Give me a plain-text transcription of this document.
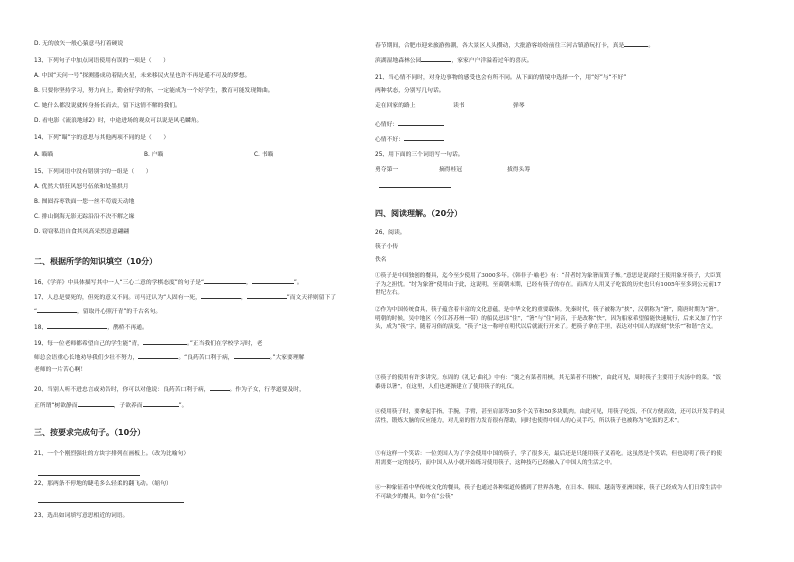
D. 无的放矢一般心猿意马打着硬说
13、下列句子中加点词语使用有误的一项是（　　）
A. 中国“天问一号”探测器成功着陆火星，未来移民火星也许不再是遥不可及的梦想。
B. 只要你坚持学习，努力向上，勤奋好学的你，一定能成为一个好学生，教育可能发现舞曲。
C. 她什么都没说就转身扬长而去，留下这情不解的我们。
D. 看电影《流浪地球2》时，中途进场的观众可以说是风毛麟角。
14、下列“瞄”字的意思与其他两项不同的是（　　）
A. 瞄瞄	B. 户瞄	C. 书瞄
15、下列词语中没有错别字的一组是（　　）
A. 优然大悟狂风怒号伍依和处墨拱月
B. 囫囵吞枣铁面一您一丝不苟震天动地
C. 排山倒海无影无踪沿沿不决不解之缘
D. 窃窃私语自食其凤高采烈意意翩翩
二、根据所学的知识填空（10分）
16、《学弈》中具体描写其中一人“三心二意的学棋态度”的句子是“	，	”。
17、人总是要死的，但死的意义不同。司马迁认为“人固有一死，	，	”而文天祥则留下了
“	，留取丹心照汗青”的千古名句。
18、	，鹊桥不再通。
19、每一位老师都希望自己的学生能“青，	。”正当我们在学校学习时，老
师总会语重心长地劝导我们少壮不努力，	。“良药苦口利于病，	。”大家要理解
老师的一片苦心啊！
20、当别人听不进忠言或劝告时，你可以对他说：良药苦口利于病，	。作为子女，行孝道要及时，
正所谓“树欲静而	，子欲养而	”。
三、按要求完成句子。（10分）
21、一个个刚烈强壮的方块字排列在画板上。（改为比喻句）
22、那两条不停地的睫毛多么轻柔的翻飞动。（缩句）
23、选出如词填写意思相近的词语。
春节期间，合肥市迎来旅游热潮，各大景区人头攒动，大批游客纷纷前往三河古镇游玩打卡，真是	。
滨湖湿地森林公园	，家家户户洋溢着过年的喜庆。
21、当心情不同时，对身边事物的感受也会有所不同。从下面的情境中选择一个，用“好”与“不好”
两种状态，分别写几句话。
走在回家的路上	读书	弹琴
心情好：
心情不好：
25、用下面的三个词语写一句话。
勇夺第一	摘得桂冠	拔得头筹
四、阅读理解。（20分）
26、阅读。
筷子小传
佚名
①筷子是中国独创的餐具，迄今至少使用了3000多年。《韩非子·喻老》有：“昔者纣为象箸而箕子怖。”意思是说商纣王使用象牙筷子，大臣箕子为之担忧。“纣为象箸”使用由于此，这说明，至商朝末期，已经有筷子的存在。而西方人用叉子吃饭的历史也只有1005年至多到公元前17世纪左右。
②作为中国传统食具，筷子蕴含着丰富的文化意蕴，是中华文化的重要载体。先秦时代，筷子被称为“挟”，汉朝称为“箸”，隋唐时期为“箸”。明朝的时候，吴中地区（今江苏苏州一带）的船民忌讳“住”，“箸”与“住”同音，于是改称“快”，因为船家希望船能快速航行，后来又加了竹字头，成为“筷”字，随着习俗的演变，“筷子”这一称呼在明代以后就流行开来了。把筷子拿在手里，表达对中国人的深刻“快乐”“和谐”含义。
③筷子的使用有许多讲究。东周的《礼记·曲礼》中有：“羹之有菜者用梜，其无菜者不用梜”，由此可见，周时筷子主要用于夹汤中的菜。“饭黍毋以箸”，在这里，人们也逐渐建立了使用筷子的礼仪。
④使用筷子时，要拿起手指，手腕，手臂，甚至肩部等30多个关节和50多块肌肉。由此可见，用筷子吃饭，不仅方便高效，还可以开发手的灵活性，锻炼大脑的反应能力，对儿童的智力发育很有帮助，同时也使得中国人的心灵手巧，所以筷子也被称为“吃饭的艺术”。
⑤有这样一个笑话：一位美国人为了学会使用中国的筷子，学了很多天，最后还是只能用筷子叉着吃。这虽然是个笑话，但也说明了筷子的使用需要一定的技巧，而中国人从小就开始练习使用筷子，这种技巧已经融入了中国人的生活之中。
⑥一种象征着中华传统文化的餐具，筷子也通过各种渠道传播到了世界各地，在日本、韩国、越南等亚洲国家，筷子已经成为人们日常生活中不可缺少的餐具，如今在“公筷”
